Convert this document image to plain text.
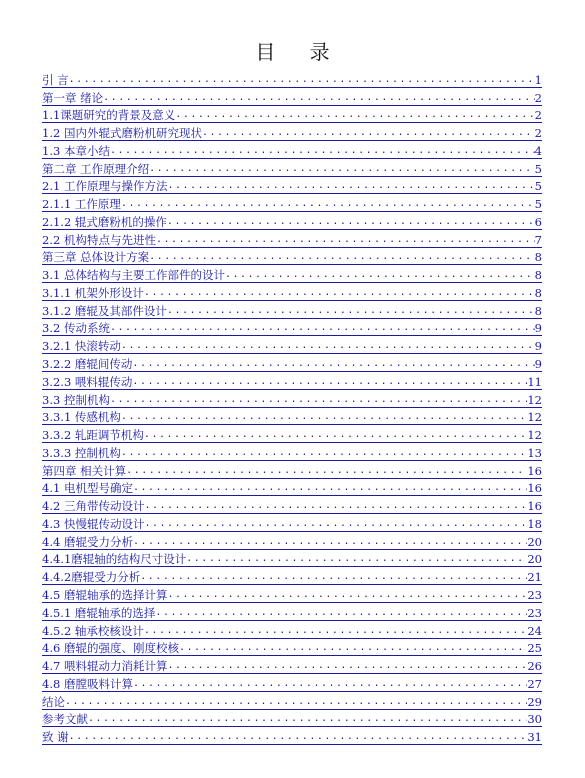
目 录
引 言 .....	1
第一章 绪论 .....	2
1.1课题研究的背景及意义 .....	2
1.2 国内外辊式磨粉机研究现状 .....	2
1.3 本章小结 .....	4
第二章 工作原理介绍 .....	5
2.1 工作原理与操作方法 .....	5
2.1.1 工作原理 .....	5
2.1.2 辊式磨粉机的操作 .....	6
2.2 机构特点与先进性 .....	7
第三章 总体设计方案 .....	8
3.1 总体结构与主要工作部件的设计 .....	8
3.1.1 机架外形设计 .....	8
3.1.2 磨辊及其部件设计 .....	8
3.2 传动系统 .....	9
3.2.1 快滚转动 .....	9
3.2.2 磨辊间传动 .....	9
3.2.3 喂料辊传动 .....	11
3.3 控制机构 .....	12
3.3.1 传感机构 .....	12
3.3.2 轧距调节机构 .....	12
3.3.3 控制机构 .....	13
第四章 相关计算 .....	16
4.1 电机型号确定 .....	16
4.2 三角带传动设计 .....	16
4.3 快慢辊传动设计 .....	18
4.4 磨辊受力分析 .....	20
4.4.1磨辊轴的结构尺寸设计 .....	20
4.4.2磨辊受力分析 .....	21
4.5 磨辊轴承的选择计算 .....	23
4.5.1 磨辊轴承的选择 .....	23
4.5.2 轴承校核设计 .....	24
4.6 磨辊的强度、刚度校核 .....	25
4.7 喂料辊动力消耗计算 .....	26
4.8 磨膛吸料计算 .....	27
结论 .....	29
参考文献 .....	30
致 谢 .....	31
